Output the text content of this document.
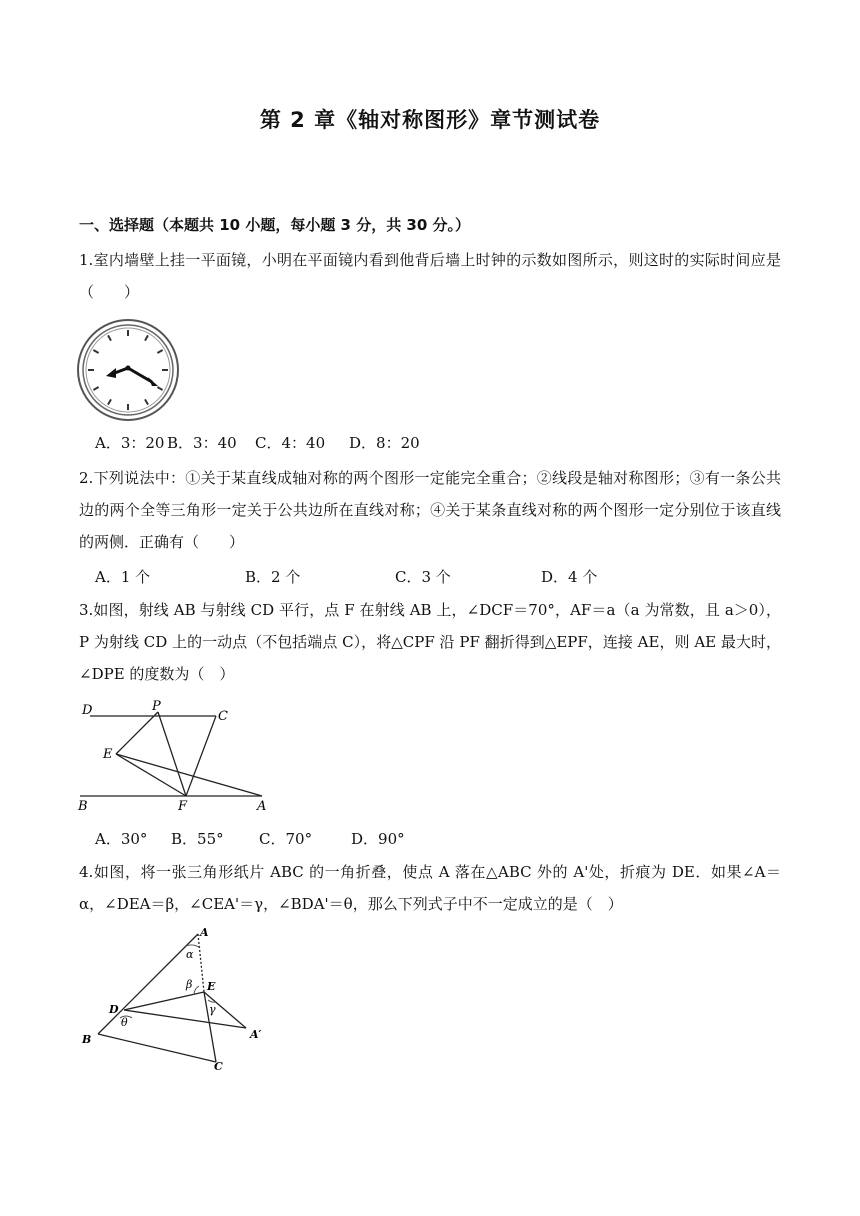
第 2 章《轴对称图形》章节测试卷
一、选择题（本题共 10 小题，每小题 3 分，共 30 分。）
1.室内墙壁上挂一平面镜，小明在平面镜内看到他背后墙上时钟的示数如图所示，则这时的实际时间应是（　　）
A．3：20 B．3：40 C．4：40 D．8：20
2.下列说法中：①关于某直线成轴对称的两个图形一定能完全重合；②线段是轴对称图形；③有一条公共边的两个全等三角形一定关于公共边所在直线对称；④关于某条直线对称的两个图形一定分别位于该直线的两侧．正确有（　　）
A．1 个	B．2 个	C．3 个	D．4 个
3.如图，射线 AB 与射线 CD 平行，点 F 在射线 AB 上，∠DCF＝70°，AF＝a（a 为常数，且 a＞0），P 为射线 CD 上的一动点（不包括端点 C），将△CPF 沿 PF 翻折得到△EPF，连接 AE，则 AE 最大时，∠DPE 的度数为（　）
D	P
C
E
B	F	A
A．30° B．55° C．70°	D．90°
4.如图，将一张三角形纸片 ABC 的一角折叠，使点 A 落在△ABC 外的 A'处，折痕为 DE．如果∠A＝α，∠DEA＝β，∠CEA'＝γ，∠BDA'＝θ，那么下列式子中不一定成立的是（　）
A
α
β E
D	γ
θ
A′
B
C
